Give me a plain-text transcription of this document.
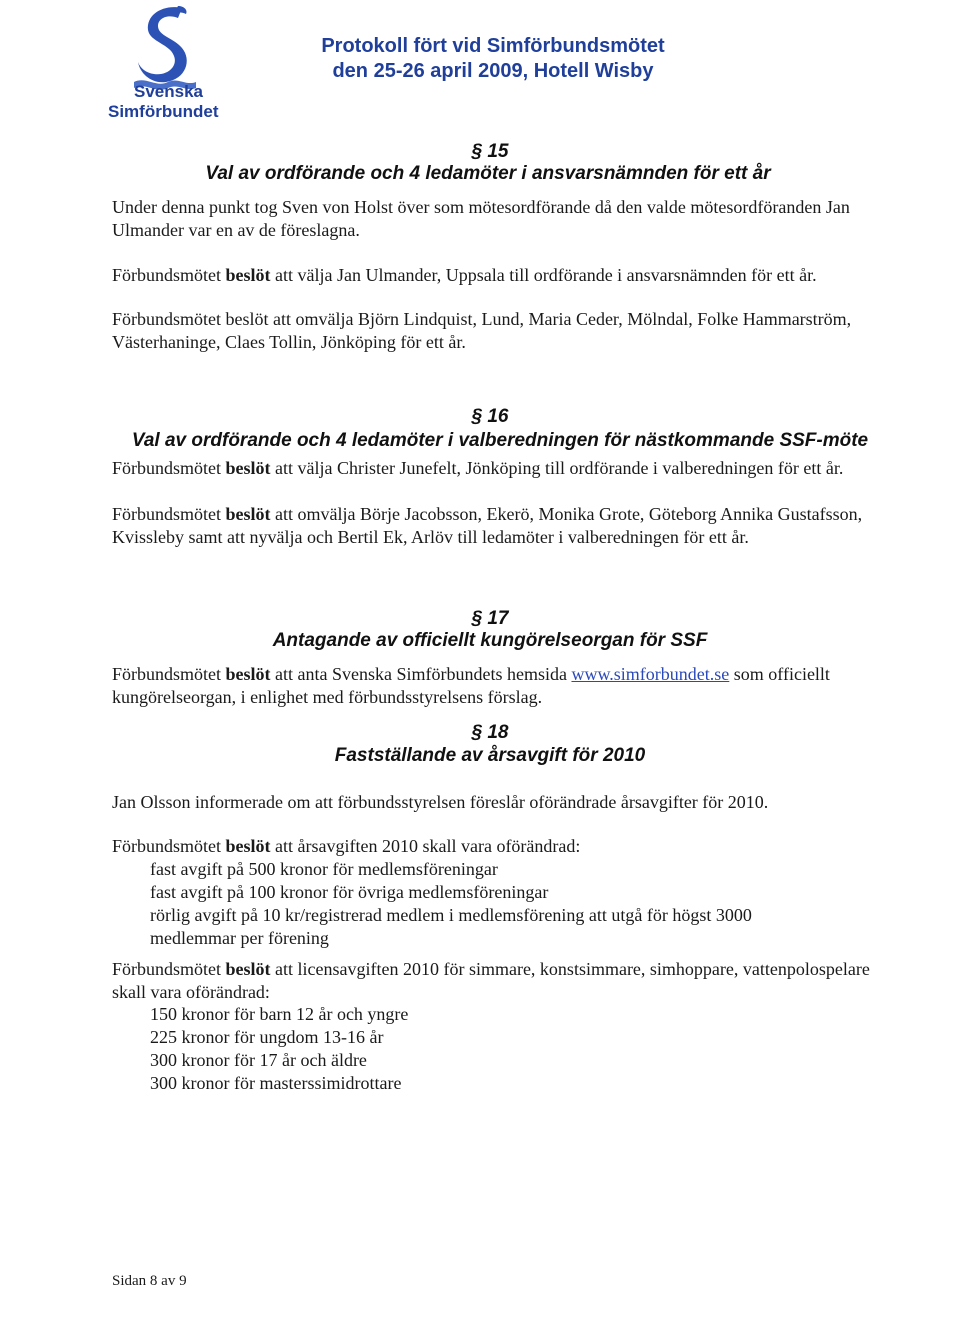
Svenska
Simförbundet
Protokoll fört vid Simförbundsmötet
den 25-26 april 2009, Hotell Wisby
§ 15
Val av ordförande och 4 ledamöter i ansvarsnämnden för ett år
Under denna punkt tog Sven von Holst över som mötesordförande då den valde mötesordföranden Jan Ulmander var en av de föreslagna.
Förbundsmötet beslöt att välja Jan Ulmander, Uppsala till ordförande i ansvarsnämnden för ett år.
Förbundsmötet beslöt att omvälja Björn Lindquist, Lund, Maria Ceder, Mölndal, Folke Hammarström, Västerhaninge, Claes Tollin, Jönköping för ett år.
§ 16
Val av ordförande och 4 ledamöter i valberedningen för nästkommande SSF-möte
Förbundsmötet beslöt att välja Christer Junefelt, Jönköping till ordförande i valberedningen för ett år.
Förbundsmötet beslöt att omvälja Börje Jacobsson, Ekerö, Monika Grote, Göteborg Annika Gustafsson, Kvissleby samt att nyvälja och Bertil Ek, Arlöv till ledamöter i valberedningen för ett år.
§ 17
Antagande av officiellt kungörelseorgan för SSF
Förbundsmötet beslöt att anta Svenska Simförbundets hemsida www.simforbundet.se som officiellt kungörelseorgan, i enlighet med förbundsstyrelsens förslag.
§ 18
Fastställande av årsavgift för 2010
Jan Olsson informerade om att förbundsstyrelsen föreslår oförändrade årsavgifter för 2010.
Förbundsmötet beslöt att årsavgiften 2010 skall vara oförändrad:
fast avgift på 500 kronor för medlemsföreningar
fast avgift på 100 kronor för övriga medlemsföreningar
rörlig avgift på 10 kr/registrerad medlem i medlemsförening att utgå för högst 3000 medlemmar per förening
Förbundsmötet beslöt att licensavgiften 2010 för simmare, konstsimmare, simhoppare, vattenpolospelare skall vara oförändrad:
150 kronor för barn 12 år och yngre
225 kronor för ungdom 13-16 år
300 kronor för 17 år och äldre
300 kronor för masterssimidrottare
Sidan 8 av 9
